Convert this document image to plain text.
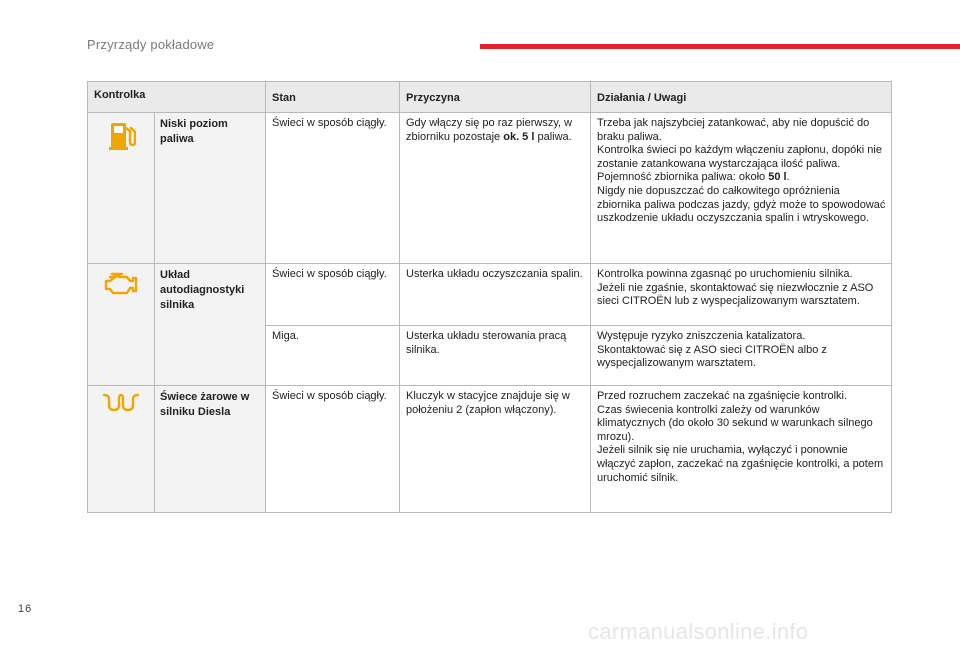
Przyrządy pokładowe
Kontrolka		Stan	Przyczyna	Działania / Uwagi

Niski poziom paliwa	Świeci w sposób ciągły.	Gdy włączy się po raz pierwszy, w zbiorniku pozostaje ok. 5 l paliwa.	Trzeba jak najszybciej zatankować, aby nie dopuścić do braku paliwa.
Kontrolka świeci po każdym włączeniu zapłonu, dopóki nie zostanie zatankowana wystarczająca ilość paliwa.
Pojemność zbiornika paliwa: około 50 l.
Nigdy nie dopuszczać do całkowitego opróżnienia zbiornika paliwa podczas jazdy, gdyż może to spowodować uszkodzenie układu oczyszczania spalin i wtryskowego.

Układ autodiagnostyki silnika	Świeci w sposób ciągły.	Usterka układu oczyszczania spalin.	Kontrolka powinna zgasnąć po uruchomieniu silnika.
Jeżeli nie zgaśnie, skontaktować się niezwłocznie z ASO sieci CITROËN lub z wyspecjalizowanym warsztatem.

		Miga.	Usterka układu sterowania pracą silnika.	Występuje ryzyko zniszczenia katalizatora.
Skontaktować się z ASO sieci CITROËN albo z wyspecjalizowanym warsztatem.

Świece żarowe w silniku Diesla	Świeci w sposób ciągły.	Kluczyk w stacyjce znajduje się w położeniu 2 (zapłon włączony).	Przed rozruchem zaczekać na zgaśnięcie kontrolki.
Czas świecenia kontrolki zależy od warunków klimatycznych (do około 30 sekund w warunkach silnego mrozu).
Jeżeli silnik się nie uruchamia, wyłączyć i ponownie włączyć zapłon, zaczekać na zgaśnięcie kontrolki, a potem uruchomić silnik.
16
carmanualsonline.info
